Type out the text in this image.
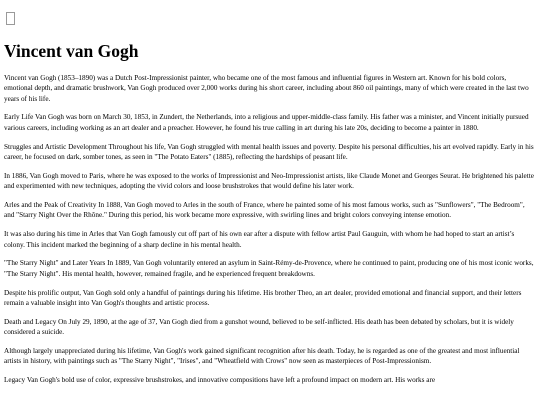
Vincent van Gogh

Vincent van Gogh (1853–1890) was a Dutch Post-Impressionist painter, who became one of the most famous and influential figures in Western art. Known for his bold colors, emotional depth, and dramatic brushwork, Van Gogh produced over 2,000 works during his short career, including about 860 oil paintings, many of which were created in the last two years of his life.

Early Life Van Gogh was born on March 30, 1853, in Zundert, the Netherlands, into a religious and upper-middle-class family. His father was a minister, and Vincent initially pursued various careers, including working as an art dealer and a preacher. However, he found his true calling in art during his late 20s, deciding to become a painter in 1880.

Struggles and Artistic Development Throughout his life, Van Gogh struggled with mental health issues and poverty. Despite his personal difficulties, his art evolved rapidly. Early in his career, he focused on dark, somber tones, as seen in "The Potato Eaters" (1885), reflecting the hardships of peasant life.

In 1886, Van Gogh moved to Paris, where he was exposed to the works of Impressionist and Neo-Impressionist artists, like Claude Monet and Georges Seurat. He brightened his palette and experimented with new techniques, adopting the vivid colors and loose brushstrokes that would define his later work.

Arles and the Peak of Creativity In 1888, Van Gogh moved to Arles in the south of France, where he painted some of his most famous works, such as "Sunflowers", "The Bedroom", and "Starry Night Over the Rhône." During this period, his work became more expressive, with swirling lines and bright colors conveying intense emotion.

It was also during his time in Arles that Van Gogh famously cut off part of his own ear after a dispute with fellow artist Paul Gauguin, with whom he had hoped to start an artist’s colony. This incident marked the beginning of a sharp decline in his mental health.

"The Starry Night" and Later Years In 1889, Van Gogh voluntarily entered an asylum in Saint-Rémy-de-Provence, where he continued to paint, producing one of his most iconic works, "The Starry Night". His mental health, however, remained fragile, and he experienced frequent breakdowns.

Despite his prolific output, Van Gogh sold only a handful of paintings during his lifetime. His brother Theo, an art dealer, provided emotional and financial support, and their letters remain a valuable insight into Van Gogh's thoughts and artistic process.

Death and Legacy On July 29, 1890, at the age of 37, Van Gogh died from a gunshot wound, believed to be self-inflicted. His death has been debated by scholars, but it is widely considered a suicide.

Although largely unappreciated during his lifetime, Van Gogh's work gained significant recognition after his death. Today, he is regarded as one of the greatest and most influential artists in history, with paintings such as "The Starry Night", "Irises", and "Wheatfield with Crows" now seen as masterpieces of Post-Impressionism.

Legacy Van Gogh's bold use of color, expressive brushstrokes, and innovative compositions have left a profound impact on modern art. His works are
